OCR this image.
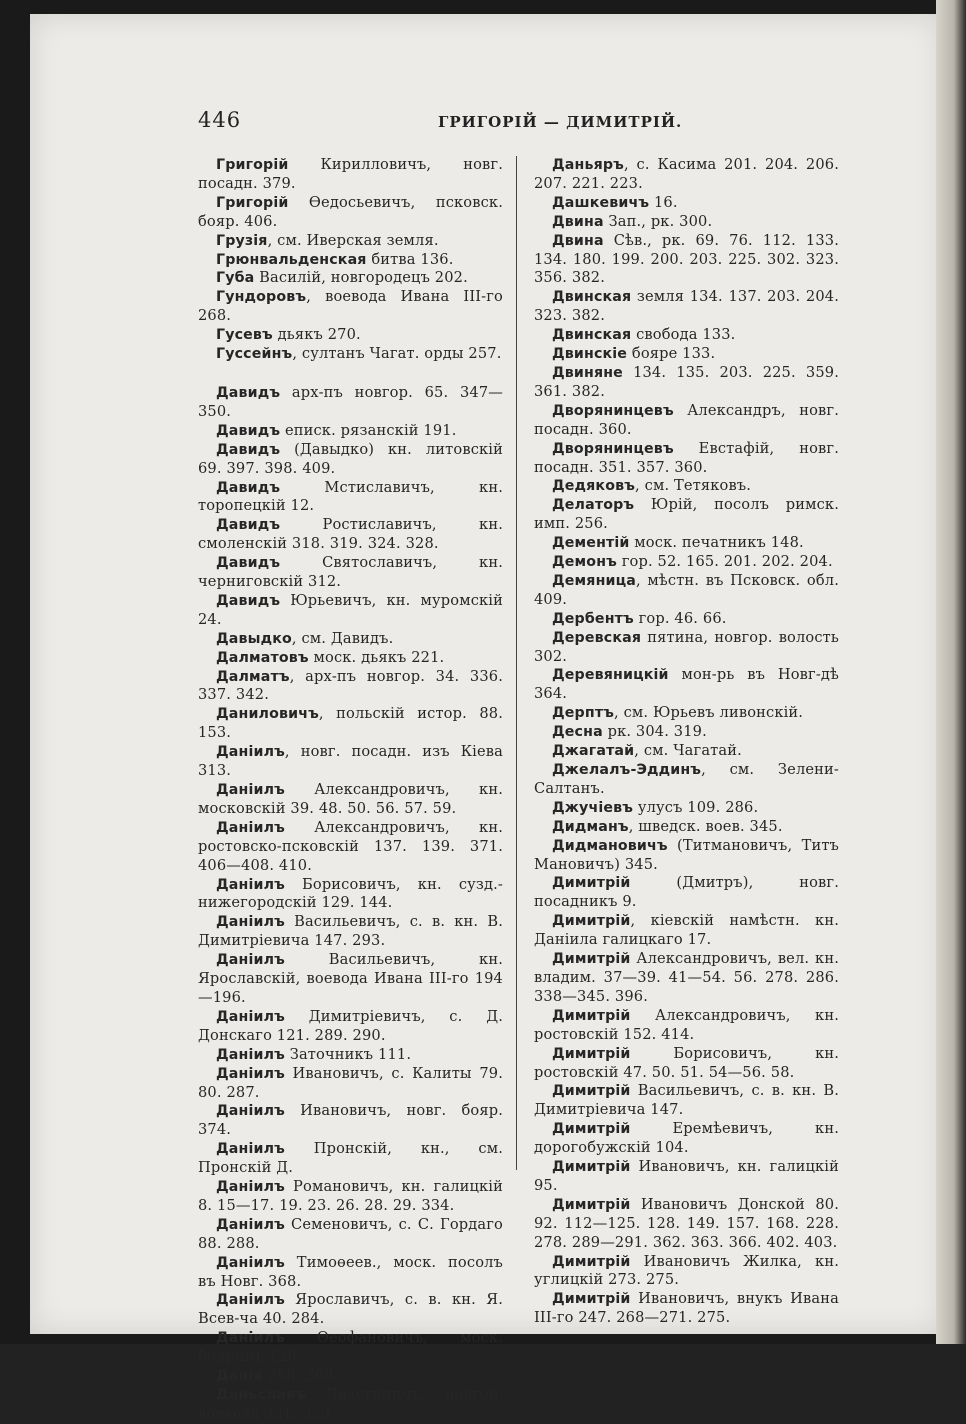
446	ГРИГОРІЙ — ДИМИТРІЙ.

Григорій Кирилловичъ, новг. посадн. 379.

Григорій Өедосьевичъ, псковск. бояр. 406.

Грузія, см. Иверская земля.

Грюнвальденская битва 136.

Губа Василій, новгородецъ 202.

Гундоровъ, воевода Ивана III-го 268.

Гусевъ дьякъ 270.

Гуссейнъ, султанъ Чагат. орды 257.

Давидъ арх-пъ новгор. 65. 347—350.

Давидъ еписк. рязанскій 191.

Давидъ (Давыдко) кн. литовскій 69. 397. 398. 409.

Давидъ Мстиславичъ, кн. торопецкій 12.

Давидъ Ростиславичъ, кн. смоленскій 318. 319. 324. 328.

Давидъ Святославичъ, кн. черниговскій 312.

Давидъ Юрьевичъ, кн. муромскій 24.

Давыдко, см. Давидъ.

Далматовъ моск. дьякъ 221.

Далматъ, арх-пъ новгор. 34. 336. 337. 342.

Даниловичъ, польскій истор. 88. 153.

Даніилъ, новг. посадн. изъ Кіева 313.

Даніилъ Александровичъ, кн. московскій 39. 48. 50. 56. 57. 59.

Даніилъ Александровичъ, кн. ростовско-псковскій 137. 139. 371. 406—408. 410.

Даніилъ Борисовичъ, кн. сузд.-нижегородскій 129. 144.

Даніилъ Васильевичъ, с. в. кн. В. Димитріевича 147. 293.

Даніилъ Васильевичъ, кн. Ярославскій, воевода Ивана III-го 194—196.

Даніилъ Димитріевичъ, с. Д. Донскаго 121. 289. 290.

Даніилъ Заточникъ 111.

Даніилъ Ивановичъ, с. Калиты 79. 80. 287.

Даніилъ Ивановичъ, новг. бояр. 374.

Даніилъ Пронскій, кн., см. Пронскій Д.

Даніилъ Романовичъ, кн. галицкій 8. 15—17. 19. 23. 26. 28. 29. 334.

Даніилъ Семеновичъ, с. С. Гордаго 88. 288.

Даніилъ Тимоөеев., моск. посолъ въ Новг. 368.

Даніилъ Ярославичъ, с. в. кн. Я. Всев-ча 40. 284.

Даніилъ Өеофановичъ, моск. бояринъ 128.

Данія 258. 268.

Даньславъ Лазутиничъ, новгор. воевода 321. 323.

Даньяръ, с. Касима 201. 204. 206. 207. 221. 223.

Дашкевичъ 16.

Двина Зап., рк. 300.

Двина Сѣв., рк. 69. 76. 112. 133. 134. 180. 199. 200. 203. 225. 302. 323. 356. 382.

Двинская земля 134. 137. 203. 204. 323. 382.

Двинская свобода 133.

Двинскіе бояре 133.

Двиняне 134. 135. 203. 225. 359. 361. 382.

Дворянинцевъ Александръ, новг. посадн. 360.

Дворянинцевъ Евстафій, новг. посадн. 351. 357. 360.

Дедяковъ, см. Тетяковъ.

Делаторъ Юрій, посолъ римск. имп. 256.

Дементій моск. печатникъ 148.

Демонъ гор. 52. 165. 201. 202. 204.

Демяница, мѣстн. въ Псковск. обл. 409.

Дербентъ гор. 46. 66.

Деревская пятина, новгор. волость 302.

Деревяницкій мон-рь въ Новг-дѣ 364.

Дерптъ, см. Юрьевъ ливонскій.

Десна рк. 304. 319.

Джагатай, см. Чагатай.

Джелалъ-Эддинъ, см. Зелени-Салтанъ.

Джучіевъ улусъ 109. 286.

Дидманъ, шведск. воев. 345.

Дидмановичъ (Титмановичъ, Титъ Мановичъ) 345.

Димитрій (Дмитръ), новг. посадникъ 9.

Димитрій, кіевскій намѣстн. кн. Даніила галицкаго 17.

Димитрій Александровичъ, вел. кн. владим. 37—39. 41—54. 56. 278. 286. 338—345. 396.

Димитрій Александровичъ, кн. ростовскій 152. 414.

Димитрій Борисовичъ, кн. ростовскій 47. 50. 51. 54—56. 58.

Димитрій Васильевичъ, с. в. кн. В. Димитріевича 147.

Димитрій Еремѣевичъ, кн. дорогобужскій 104.

Димитрій Ивановичъ, кн. галицкій 95.

Димитрій Ивановичъ Донской 80. 92. 112—125. 128. 149. 157. 168. 228. 278. 289—291. 362. 363. 366. 402. 403.

Димитрій Ивановичъ Жилка, кн. углицкій 273. 275.

Димитрій Ивановичъ, внукъ Ивана III-го 247. 268—271. 275.
